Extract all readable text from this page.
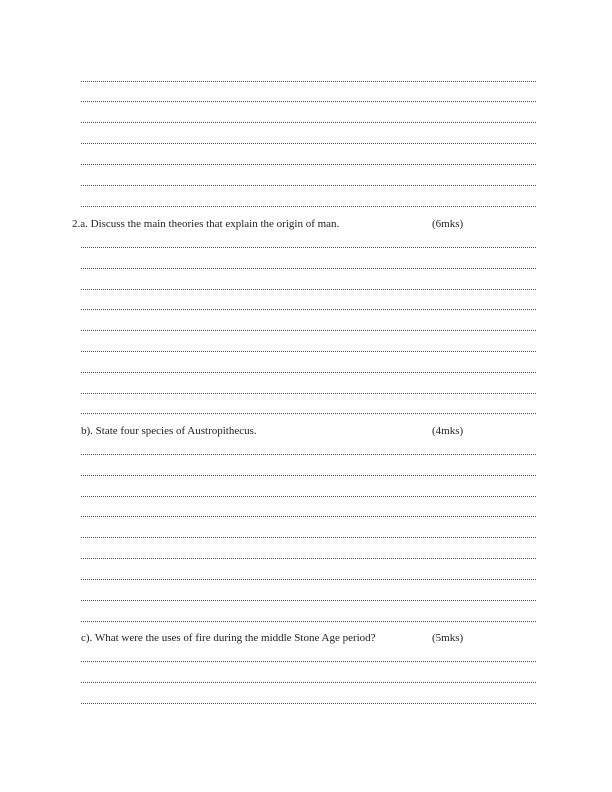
2.a. Discuss the main theories that explain the origin of man.	(6mks)
b). State four species of Austropithecus.	(4mks)
c). What were the uses of fire during the middle Stone Age period?	(5mks)
